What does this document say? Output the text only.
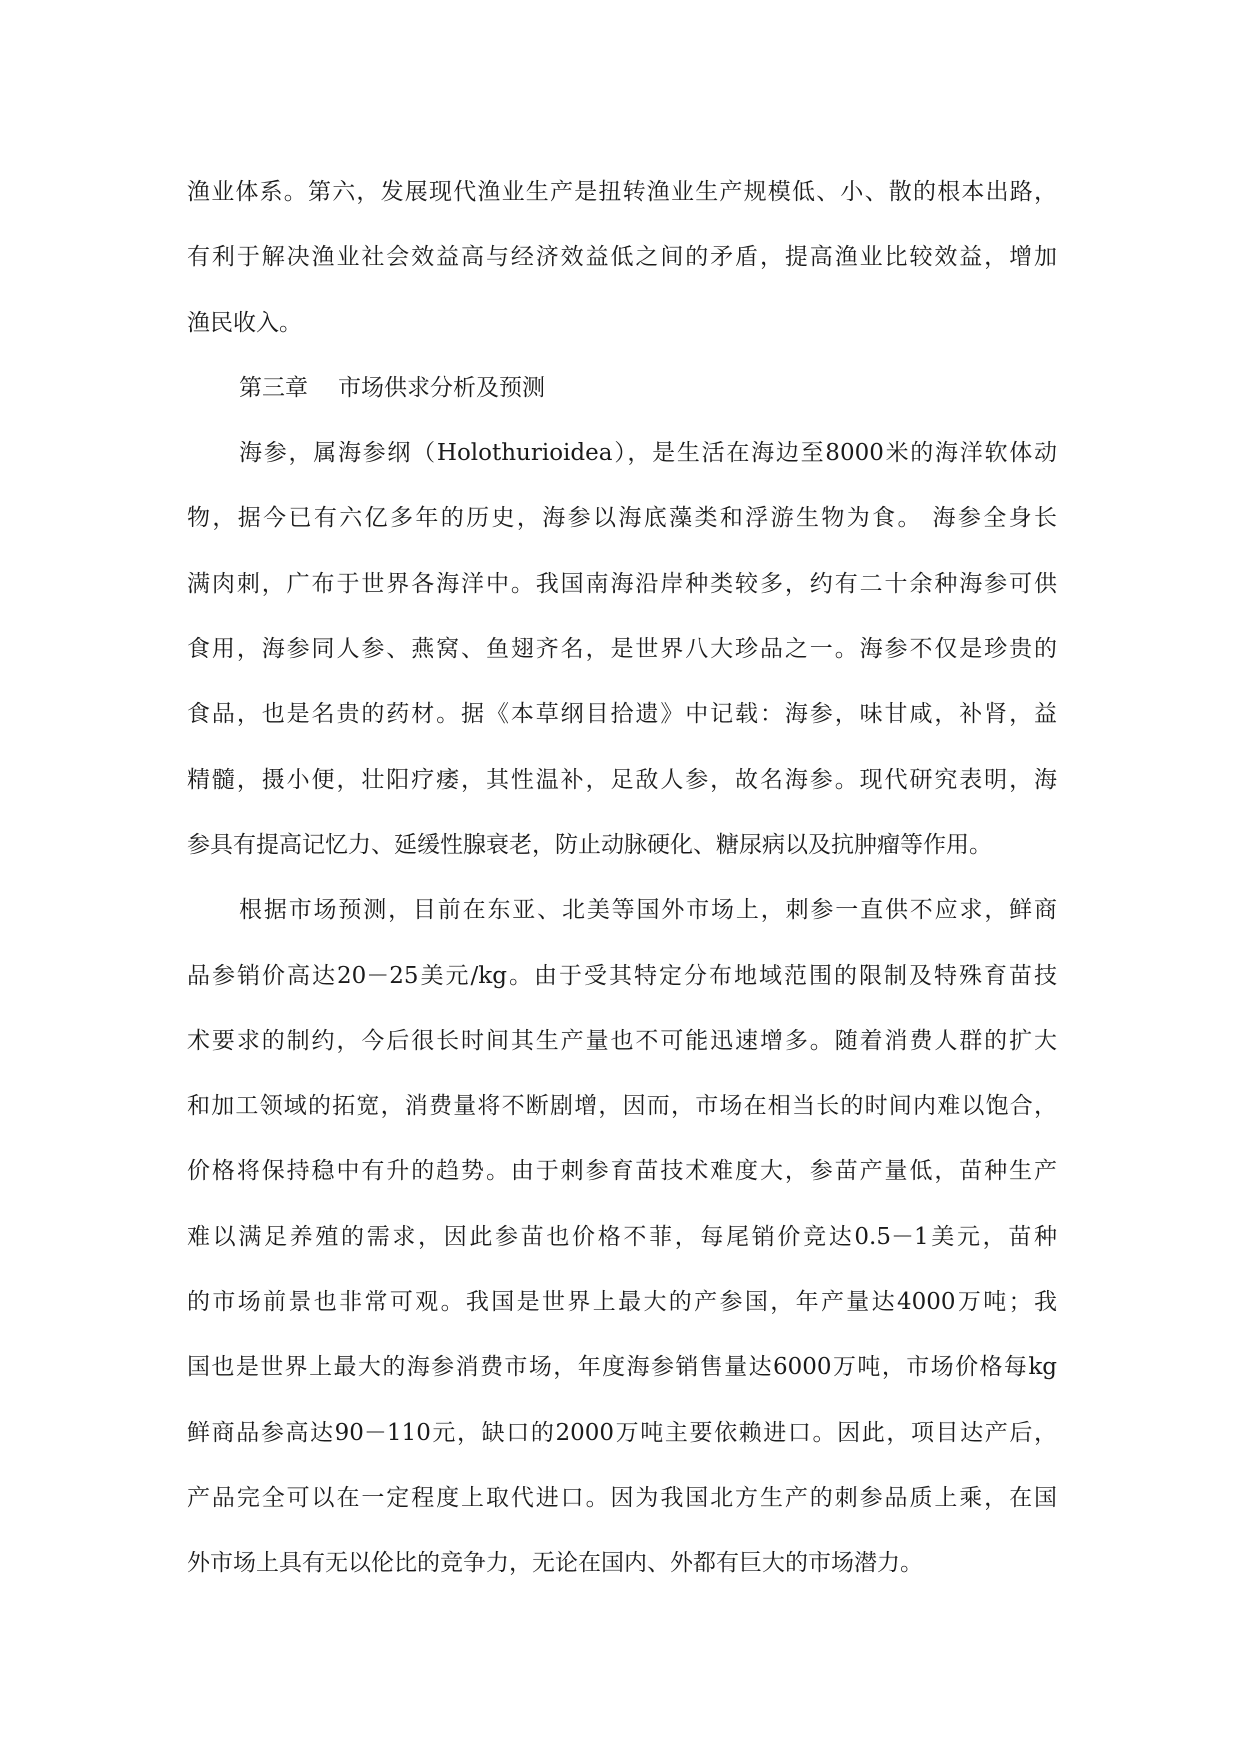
渔业体系。第六，发展现代渔业生产是扭转渔业生产规模低、小、散的根本出路，
有利于解决渔业社会效益高与经济效益低之间的矛盾，提高渔业比较效益，增加
渔民收入。
第三章 市场供求分析及预测
海参，属海参纲（Holothurioidea），是生活在海边至8000米的海洋软体动
物，据今已有六亿多年的历史，海参以海底藻类和浮游生物为食。 海参全身长
满肉刺，广布于世界各海洋中。我国南海沿岸种类较多，约有二十余种海参可供
食用，海参同人参、燕窝、鱼翅齐名，是世界八大珍品之一。海参不仅是珍贵的
食品，也是名贵的药材。据《本草纲目拾遗》中记载：海参，味甘咸，补肾，益
精髓，摄小便，壮阳疗痿，其性温补，足敌人参，故名海参。现代研究表明，海
参具有提高记忆力、延缓性腺衰老，防止动脉硬化、糖尿病以及抗肿瘤等作用。
根据市场预测，目前在东亚、北美等国外市场上，刺参一直供不应求，鲜商
品参销价高达20－25美元/kg。由于受其特定分布地域范围的限制及特殊育苗技
术要求的制约，今后很长时间其生产量也不可能迅速增多。随着消费人群的扩大
和加工领域的拓宽，消费量将不断剧增，因而，市场在相当长的时间内难以饱合，
价格将保持稳中有升的趋势。由于刺参育苗技术难度大，参苗产量低，苗种生产
难以满足养殖的需求，因此参苗也价格不菲，每尾销价竞达0.5－1美元，苗种
的市场前景也非常可观。我国是世界上最大的产参国，年产量达4000万吨；我
国也是世界上最大的海参消费市场，年度海参销售量达6000万吨，市场价格每kg
鲜商品参高达90－110元，缺口的2000万吨主要依赖进口。因此，项目达产后，
产品完全可以在一定程度上取代进口。因为我国北方生产的刺参品质上乘，在国
外市场上具有无以伦比的竞争力，无论在国内、外都有巨大的市场潜力。
